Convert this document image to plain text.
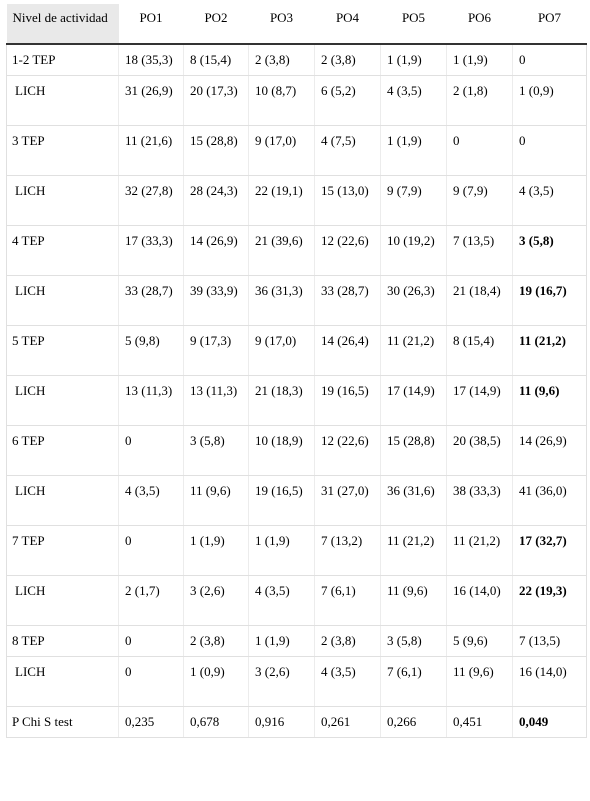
Nivel de actividad	PO1	PO2	PO3	PO4	PO5	PO6	PO7
1-2 TEP	18 (35,3)	8 (15,4)	2 (3,8)	2 (3,8)	1 (1,9)	1 (1,9)	0
LICH	31 (26,9)	20 (17,3)	10 (8,7)	6 (5,2)	4 (3,5)	2 (1,8)	1 (0,9)
3 TEP	11 (21,6)	15 (28,8)	9 (17,0)	4 (7,5)	1 (1,9)	0	0
LICH	32 (27,8)	28 (24,3)	22 (19,1)	15 (13,0)	9 (7,9)	9 (7,9)	4 (3,5)
4 TEP	17 (33,3)	14 (26,9)	21 (39,6)	12 (22,6)	10 (19,2)	7 (13,5)	3 (5,8)
LICH	33 (28,7)	39 (33,9)	36 (31,3)	33 (28,7)	30 (26,3)	21 (18,4)	19 (16,7)
5 TEP	5 (9,8)	9 (17,3)	9 (17,0)	14 (26,4)	11 (21,2)	8 (15,4)	11 (21,2)
LICH	13 (11,3)	13 (11,3)	21 (18,3)	19 (16,5)	17 (14,9)	17 (14,9)	11 (9,6)
6 TEP	0	3 (5,8)	10 (18,9)	12 (22,6)	15 (28,8)	20 (38,5)	14 (26,9)
LICH	4 (3,5)	11 (9,6)	19 (16,5)	31 (27,0)	36 (31,6)	38 (33,3)	41 (36,0)
7 TEP	0	1 (1,9)	1 (1,9)	7 (13,2)	11 (21,2)	11 (21,2)	17 (32,7)
LICH	2 (1,7)	3 (2,6)	4 (3,5)	7 (6,1)	11 (9,6)	16 (14,0)	22 (19,3)
8 TEP	0	2 (3,8)	1 (1,9)	2 (3,8)	3 (5,8)	5 (9,6)	7 (13,5)
LICH	0	1 (0,9)	3 (2,6)	4 (3,5)	7 (6,1)	11 (9,6)	16 (14,0)
P Chi S test	0,235	0,678	0,916	0,261	0,266	0,451	0,049
